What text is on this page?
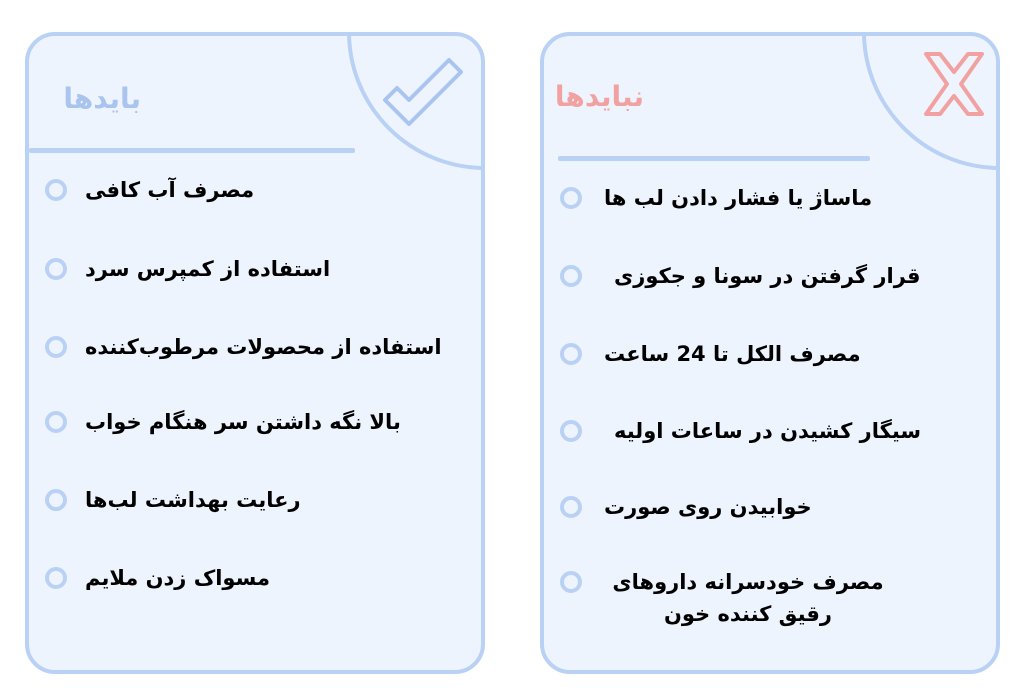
نبایدها
ماساژ یا فشار دادن لب ها
قرار گرفتن در سونا و جکوزی
مصرف الکل تا 24 ساعت
سیگار کشیدن در ساعات اولیه
خوابیدن روی صورت
مصرف خودسرانه داروهای رقیق کننده خون
بایدها
مصرف آب کافی
استفاده از کمپرس سرد
استفاده از محصولات مرطوب‌کننده
بالا نگه داشتن سر هنگام خواب
رعایت بهداشت لب‌ها
مسواک زدن ملایم
